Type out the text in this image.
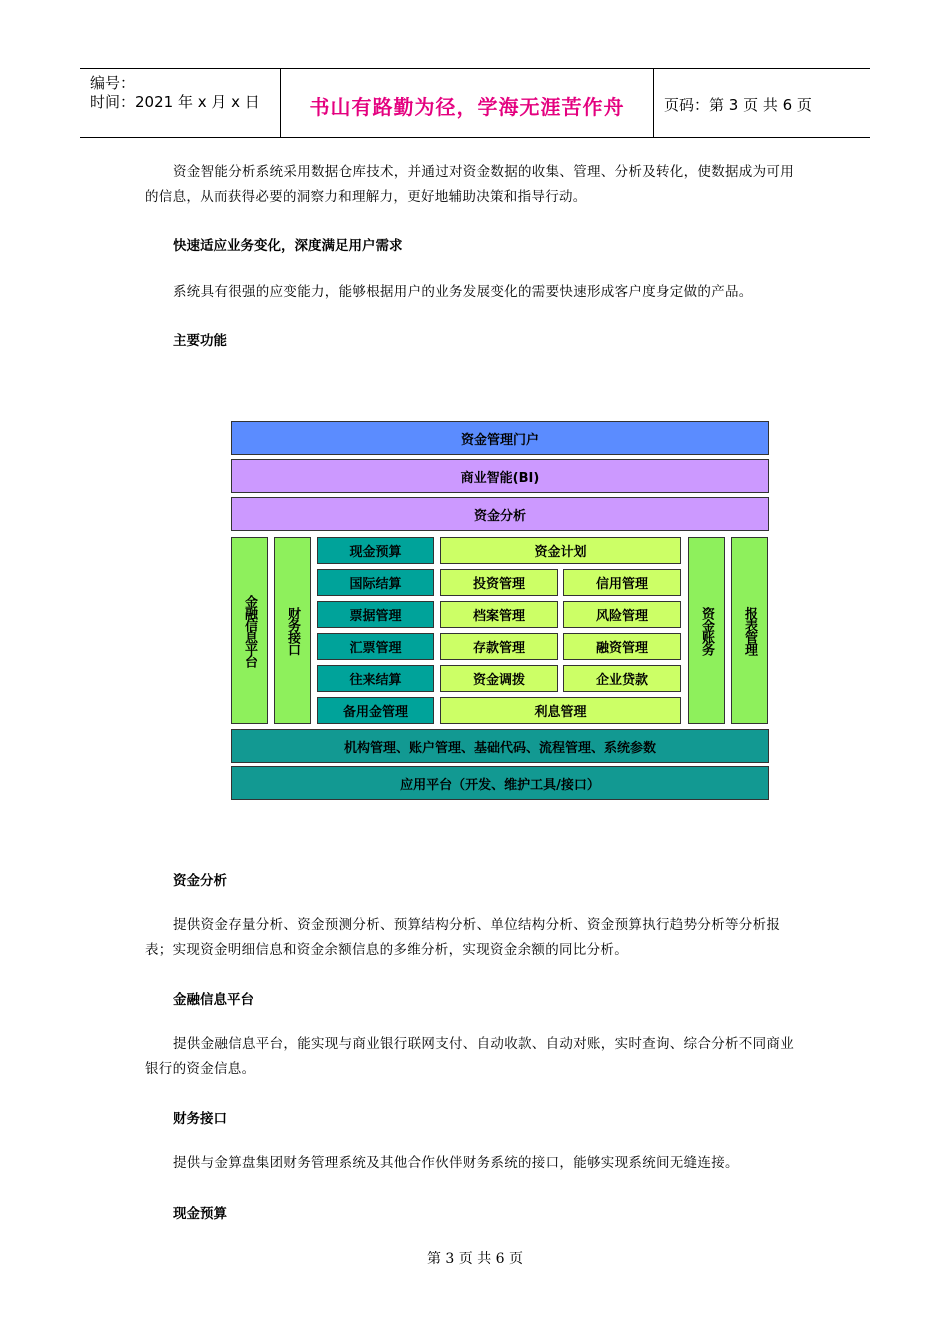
编号：
时间：2021 年 x 月 x 日	书山有路勤为径，学海无涯苦作舟	页码：第 3 页 共 6 页

资金智能分析系统采用数据仓库技术，并通过对资金数据的收集、管理、分析及转化，使数据成为可用的信息，从而获得必要的洞察力和理解力，更好地辅助决策和指导行动。

快速适应业务变化，深度满足用户需求

系统具有很强的应变能力，能够根据用户的业务发展变化的需要快速形成客户度身定做的产品。

主要功能

资金管理门户
商业智能(BI)
资金分析
金融信息平台	财务接口	资金账务	报表管理
现金预算	资金计划
国际结算	投资管理	信用管理
票据管理	档案管理	风险管理
汇票管理	存款管理	融资管理
往来结算	资金调拨	企业贷款
备用金管理	利息管理
机构管理、账户管理、基础代码、流程管理、系统参数
应用平台（开发、维护工具/接口）

资金分析

提供资金存量分析、资金预测分析、预算结构分析、单位结构分析、资金预算执行趋势分析等分析报表；实现资金明细信息和资金余额信息的多维分析，实现资金余额的同比分析。

金融信息平台

提供金融信息平台，能实现与商业银行联网支付、自动收款、自动对账，实时查询、综合分析不同商业银行的资金信息。

财务接口

提供与金算盘集团财务管理系统及其他合作伙伴财务系统的接口，能够实现系统间无缝连接。

现金预算

第 3 页 共 6 页
